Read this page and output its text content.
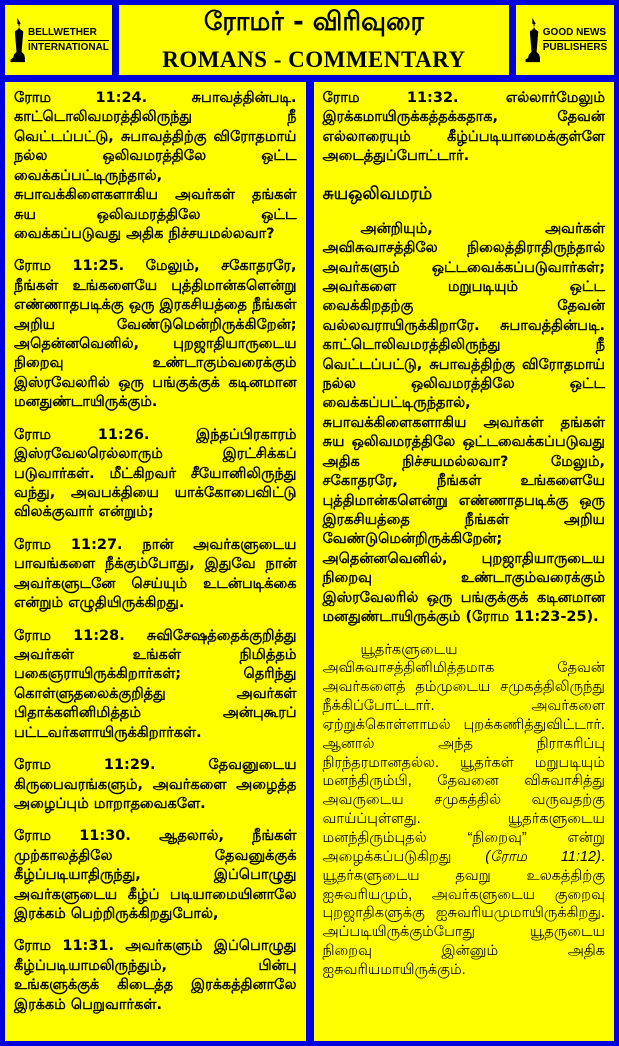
BELLWETHER
INTERNATIONAL
ரோமர் - விரிவுரை
ROMANS - COMMENTARY
GOOD NEWS
PUBLISHERS

ரோம 11:24. சுபாவத்தின்படி. காட்டொலிவமரத்திலிருந்து நீ வெட்டப்பட்டு, சுபாவத்திற்கு விரோதமாய் நல்ல ஒலிவமரத்திலே ஒட்ட வைக்கப்பட்டிருந்தால், சுபாவக்கிளைகளாகிய அவர்கள் தங்கள் சுய ஒலிவமரத்திலே ஒட்ட வைக்கப்படுவது அதிக நிச்சயமல்லவா?

ரோம 11:25. மேலும், சகோதரரே, நீங்கள் உங்களையே புத்திமான்களென்று எண்ணாதபடிக்கு ஒரு இரகசியத்தை நீங்கள் அறிய வேண்டுமென்றிருக்கிறேன்; அதென்னவெனில், புறஜாதியாருடைய நிறைவு உண்டாகும்வரைக்கும் இஸ்ரவேலரில் ஒரு பங்குக்குக் கடினமான மனதுண்டாயிருக்கும்.

ரோம 11:26. இந்தப்பிரகாரம் இஸ்ரவேலரெல்லாரும் இரட்சிக்கப் படுவார்கள். மீட்கிறவர் சீயோனிலிருந்து வந்து, அவபக்தியை யாக்கோபைவிட்டு விலக்குவார் என்றும்;

ரோம 11:27. நான் அவர்களுடைய பாவங்களை நீக்கும்போது, இதுவே நான் அவர்களுடனே செய்யும் உடன்படிக்கை என்றும் எழுதியிருக்கிறது.

ரோம 11:28. சுவிசேஷத்தைக்குறித்து அவர்கள் உங்கள் நிமித்தம் பகைஞராயிருக்கிறார்கள்; தெரிந்து கொள்ளுதலைக்குறித்து அவர்கள் பிதாக்களினிமித்தம் அன்புகூரப் பட்டவர்களாயிருக்கிறார்கள்.

ரோம 11:29. தேவனுடைய கிருபைவரங்களும், அவர்களை அழைத்த அழைப்பும் மாறாதவைகளே.

ரோம 11:30. ஆதலால், நீங்கள் முற்காலத்திலே தேவனுக்குக் கீழ்ப்படியாதிருந்து, இப்பொழுது அவர்களுடைய கீழ்ப் படியாமையினாலே இரக்கம் பெற்றிருக்கிறதுபோல்,

ரோம 11:31. அவர்களும் இப்பொழுது கீழ்ப்படியாமலிருந்தும், பின்பு உங்களுக்குக் கிடைத்த இரக்கத்தினாலே இரக்கம் பெறுவார்கள்.

ரோம 11:32. எல்லார்மேலும் இரக்கமாயிருக்கத்தக்கதாக, தேவன் எல்லாரையும் கீழ்ப்படியாமைக்குள்ளே அடைத்துப்போட்டார்.

சுயஒலிவமரம்

அன்றியும், அவர்கள் அவிசுவாசத்திலே நிலைத்திராதிருந்தால் அவர்களும் ஒட்டவைக்கப்படுவார்கள்; அவர்களை மறுபடியும் ஒட்ட வைக்கிறதற்கு தேவன் வல்லவராயிருக்கிறாரே. சுபாவத்தின்படி. காட்டொலிவமரத்திலிருந்து நீ வெட்டப்பட்டு, சுபாவத்திற்கு விரோதமாய் நல்ல ஒலிவமரத்திலே ஒட்ட வைக்கப்பட்டிருந்தால், சுபாவக்கிளைகளாகிய அவர்கள் தங்கள் சுய ஒலிவமரத்திலே ஒட்டவைக்கப்படுவது அதிக நிச்சயமல்லவா? மேலும், சகோதரரே, நீங்கள் உங்களையே புத்திமான்களென்று எண்ணாதபடிக்கு ஒரு இரகசியத்தை நீங்கள் அறிய வேண்டுமென்றிருக்கிறேன்; அதென்னவெனில், புறஜாதியாருடைய நிறைவு உண்டாகும்வரைக்கும் இஸ்ரவேலரில் ஒரு பங்குக்குக் கடினமான மனதுண்டாயிருக்கும் (ரோம 11:23-25).

யூதர்களுடைய அவிசுவாசத்தினிமித்தமாக தேவன் அவர்களைத் தம்முடைய சமுகத்திலிருந்து நீக்கிப்போட்டார். அவர்களை ஏற்றுக்கொள்ளாமல் புறக்கணித்துவிட்டார். ஆனால் அந்த நிராகரிப்பு நிரந்தரமானதல்ல. யூதர்கள் மறுபடியும் மனந்திரும்பி, தேவனை விசுவாசித்து அவருடைய சமுகத்தில் வருவதற்கு வாய்ப்புள்ளது. யூதர்களுடைய மனந்திரும்புதல் “நிறைவு” என்று அழைக்கப்படுகிறது (ரோம 11:12). யூதர்களுடைய தவறு உலகத்திற்கு ஐசுவரியமும், அவர்களுடைய குறைவு புறஜாதிகளுக்கு ஐசுவரியமுமாயிருக்கிறது. அப்படியிருக்கும்போது யூதருடைய நிறைவு இன்னும் அதிக ஐசுவரியமாயிருக்கும்.
